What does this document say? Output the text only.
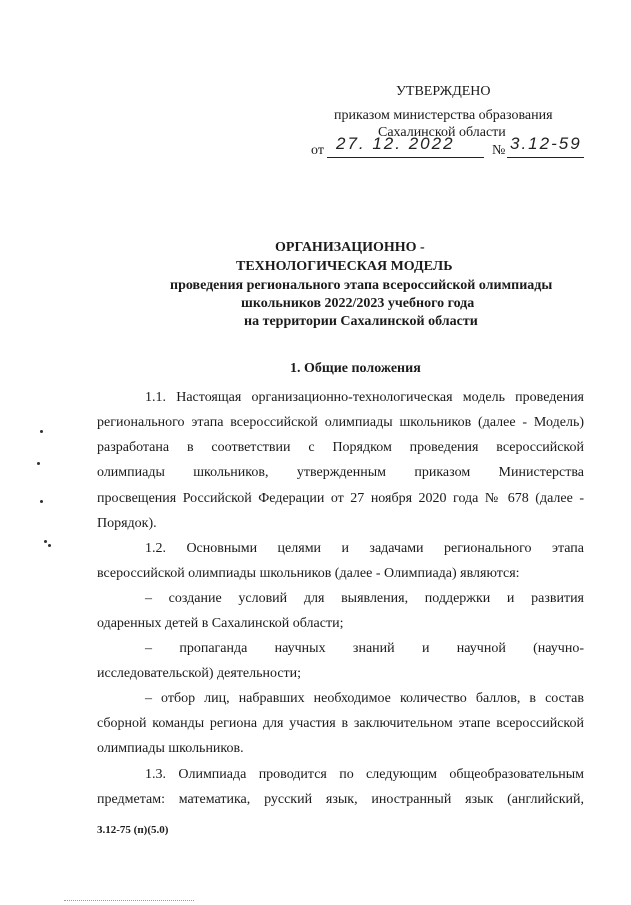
УТВЕРЖДЕНО
приказом министерства образования
Сахалинской области
от 27. 12. 2022	№ 3.12-59
ОРГАНИЗАЦИОННО -
ТЕХНОЛОГИЧЕСКАЯ МОДЕЛЬ
проведения регионального этапа всероссийской олимпиады
школьников 2022/2023 учебного года
на территории Сахалинской области
1. Общие положения
1.1. Настоящая организационно-технологическая модель проведения
регионального этапа всероссийской олимпиады школьников (далее - Модель)
разработана в соответствии с Порядком проведения всероссийской
олимпиады школьников, утвержденным приказом Министерства
просвещения Российской Федерации от 27 ноября 2020 года № 678 (далее -
Порядок).
1.2. Основными целями и задачами регионального этапа
всероссийской олимпиады школьников (далее - Олимпиада) являются:
– создание условий для выявления, поддержки и развития
одаренных детей в Сахалинской области;
– пропаганда научных знаний и научной (научно-
исследовательской) деятельности;
– отбор лиц, набравших необходимое количество баллов, в состав
сборной команды региона для участия в заключительном этапе всероссийской
олимпиады школьников.
1.3. Олимпиада проводится по следующим общеобразовательным
предметам: математика, русский язык, иностранный язык (английский,
3.12-75 (п)(5.0)
